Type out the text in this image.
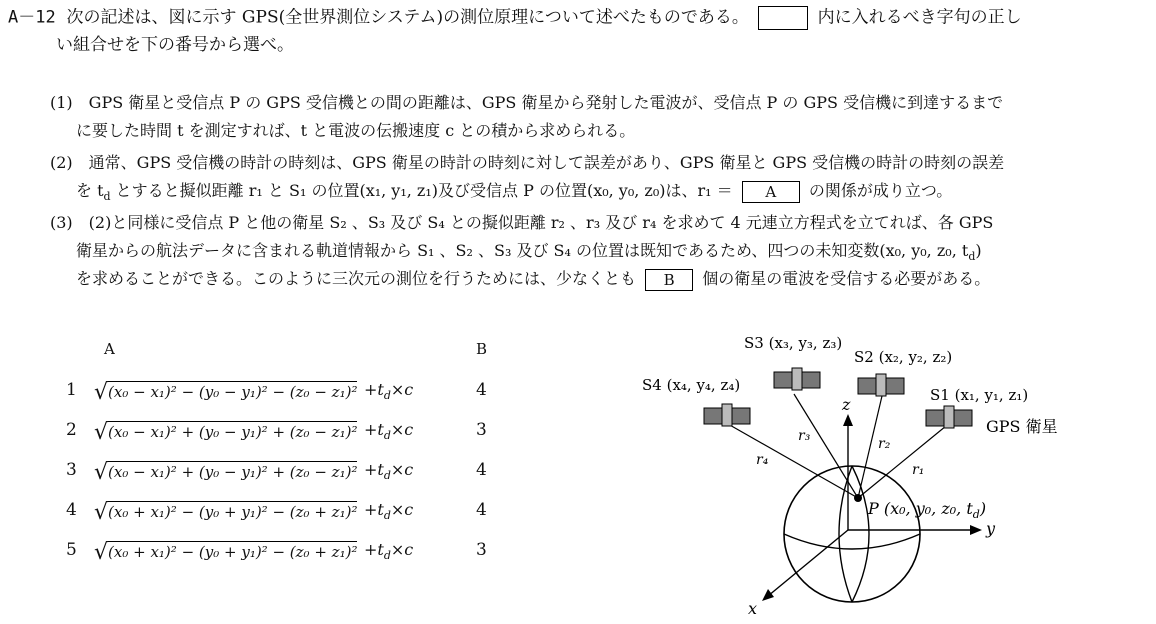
A－12 次の記述は、図に示す GPS(全世界測位システム)の測位原理について述べたものである。	内に入れるべき字句の正し
い組合せを下の番号から選べ。
(1)　GPS 衛星と受信点 P の GPS 受信機との間の距離は、GPS 衛星から発射した電波が、受信点 P の GPS 受信機に到達するまで
に要した時間 t を測定すれば、t と電波の伝搬速度 c との積から求められる。
(2)　通常、GPS 受信機の時計の時刻は、GPS 衛星の時計の時刻に対して誤差があり、GPS 衛星と GPS 受信機の時計の時刻の誤差
を $t_d$ とすると擬似距離 r₁ と S₁ の位置(x₁, y₁, z₁)及び受信点 P の位置(x₀, y₀, z₀)は、r₁ ＝ A の関係が成り立つ。
(3)　(2)と同様に受信点 P と他の衛星 S₂ 、S₃ 及び S₄ との擬似距離 r₂ 、r₃ 及び r₄ を求めて 4 元連立方程式を立てれば、各 GPS
衛星からの航法データに含まれる軌道情報から S₁ 、S₂ 、S₃ 及び S₄ の位置は既知であるため、四つの未知変数(x₀, y₀, z₀, $t_d$)
を求めることができる。このように三次元の測位を行うためには、少なくとも B 個の衛星の電波を受信する必要がある。
A	B
1 $√(x_0 - x_1)^2 - (y_0 - y_1)^2 - (z_0 - z_1)^2 +t_d\times c$	4
2 $√(x_0 - x_1)^2 + (y_0 - y_1)^2 + (z_0 - z_1)^2 +t_d\times c$	3
3 $√(x_0 - x_1)^2 + (y_0 - y_1)^2 + (z_0 - z_1)^2 +t_d\times c$	4
4 $√(x_0 + x_1)^2 - (y_0 + y_1)^2 - (z_0 + z_1)^2 +t_d\times c$	4
5 $√(x_0 + x_1)^2 - (y_0 + y_1)^2 - (z_0 + z_1)^2 +t_d\times c$	3
S1 (x₁, y₁, z₁)
S2 (x₂, y₂, z₂)
S3 (x₃, y₃, z₃)
S4 (x₄, y₄, z₄)
GPS 衛星
r₁
r₂
r₃
r₄
P (x₀, y₀, z₀, $t_d$)
z
y
x
